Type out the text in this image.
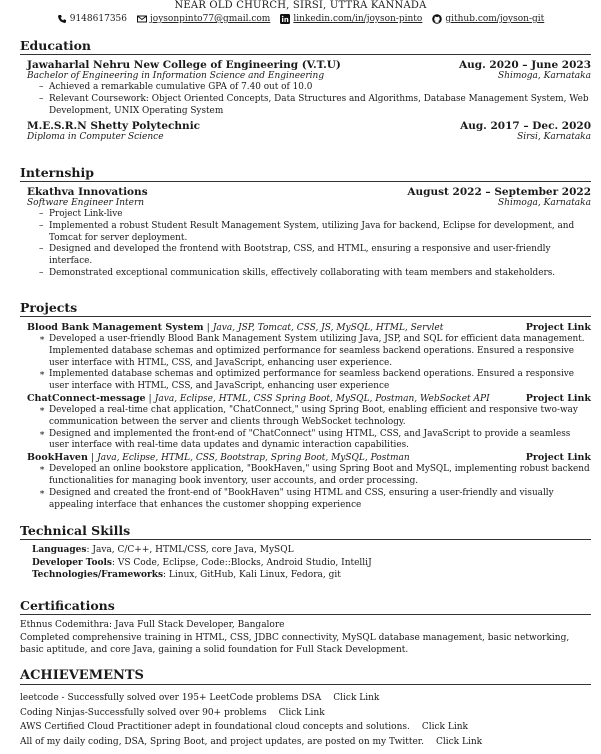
NEAR OLD CHURCH, SIRSI, UTTRA KANNADA
9148617356	joysonpinto77@gmail.com	linkedin.com/in/joyson-pinto	github.com/joyson-git
Education
Jawaharlal Nehru New College of Engineering (V.T.U)	Aug. 2020 – June 2023
Bachelor of Engineering in Information Science and Engineering	Shimoga, Karnataka
– Achieved a remarkable cumulative GPA of 7.40 out of 10.0
– Relevant Coursework: Object Oriented Concepts, Data Structures and Algorithms, Database Management System, Web Development, UNIX Operating System
M.E.S.R.N Shetty Polytechnic	Aug. 2017 – Dec. 2020
Diploma in Computer Science	Sirsi, Karnataka
Internship
Ekathva Innovations	August 2022 – September 2022
Software Engineer Intern	Shimoga, Karnataka
– Project Link-live
– Implemented a robust Student Result Management System, utilizing Java for backend, Eclipse for development, and Tomcat for server deployment.
– Designed and developed the frontend with Bootstrap, CSS, and HTML, ensuring a responsive and user-friendly interface.
– Demonstrated exceptional communication skills, effectively collaborating with team members and stakeholders.
Projects
Blood Bank Management System | Java, JSP, Tomcat, CSS, JS, MySQL, HTML, Servlet	Project Link
∗ Developed a user-friendly Blood Bank Management System utilizing Java, JSP, and SQL for efficient data management. Implemented database schemas and optimized performance for seamless backend operations. Ensured a responsive user interface with HTML, CSS, and JavaScript, enhancing user experience.
∗ Implemented database schemas and optimized performance for seamless backend operations. Ensured a responsive user interface with HTML, CSS, and JavaScript, enhancing user experience
ChatConnect-message | Java, Eclipse, HTML, CSS Spring Boot, MySQL, Postman, WebSocket API	Project Link
∗ Developed a real-time chat application, "ChatConnect," using Spring Boot, enabling efficient and responsive two-way communication between the server and clients through WebSocket technology.
∗ Designed and implemented the front-end of "ChatConnect" using HTML, CSS, and JavaScript to provide a seamless user interface with real-time data updates and dynamic interaction capabilities.
BookHaven | Java, Eclipse, HTML, CSS, Bootstrap, Spring Boot, MySQL, Postman	Project Link
∗ Developed an online bookstore application, "BookHaven," using Spring Boot and MySQL, implementing robust backend functionalities for managing book inventory, user accounts, and order processing.
∗ Designed and created the front-end of "BookHaven" using HTML and CSS, ensuring a user-friendly and visually appealing interface that enhances the customer shopping experience
Technical Skills
Languages: Java, C/C++, HTML/CSS, core Java, MySQL
Developer Tools: VS Code, Eclipse, Code::Blocks, Android Studio, IntelliJ
Technologies/Frameworks: Linux, GitHub, Kali Linux, Fedora, git
Certifications
Ethnus Codemithra: Java Full Stack Developer, Bangalore
Completed comprehensive training in HTML, CSS, JDBC connectivity, MySQL database management, basic networking, basic aptitude, and core Java, gaining a solid foundation for Full Stack Development.
ACHIEVEMENTS
leetcode - Successfully solved over 195+ LeetCode problems DSA Click Link
Coding Ninjas-Successfully solved over 90+ problems Click Link
AWS Certified Cloud Practitioner adept in foundational cloud concepts and solutions. Click Link
All of my daily coding, DSA, Spring Boot, and project updates, are posted on my Twitter. Click Link
